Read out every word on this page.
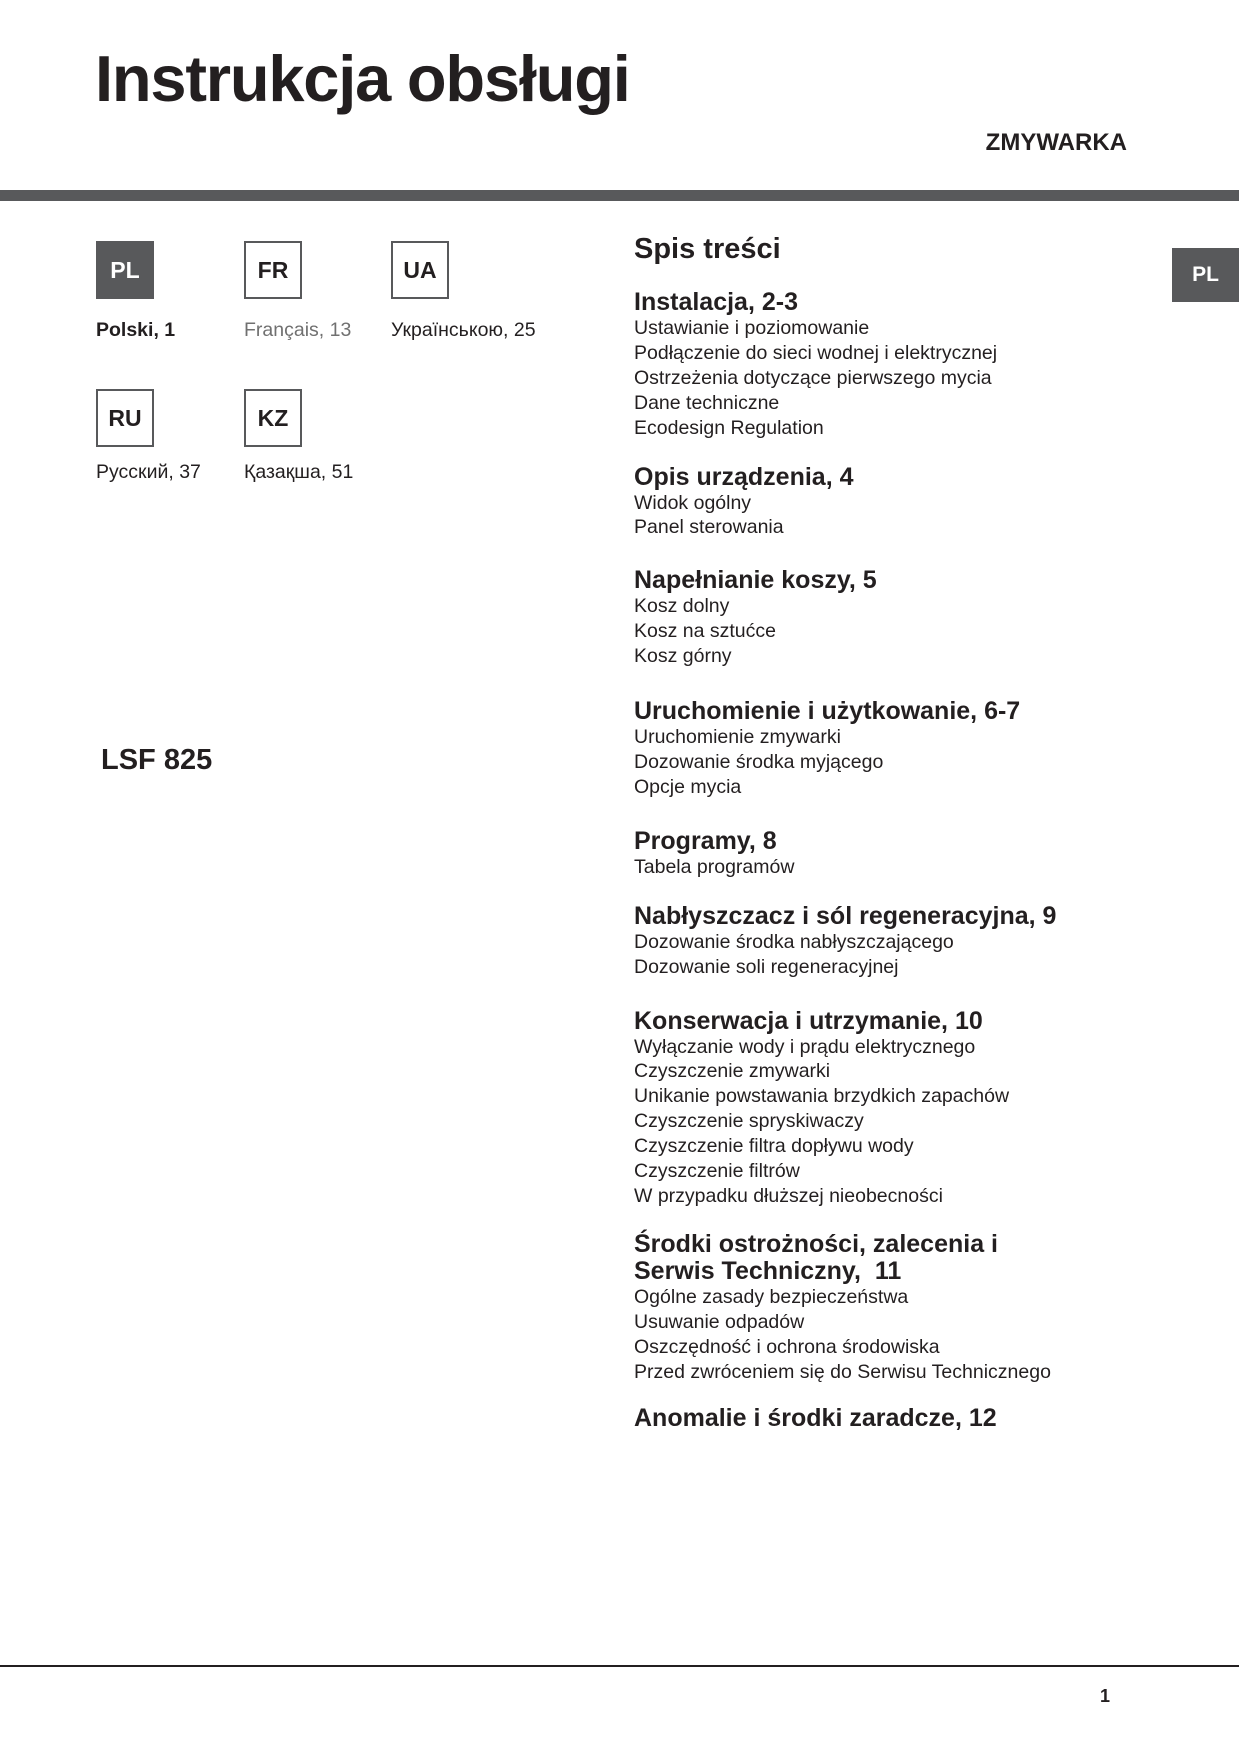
Instrukcja obsługi
ZMYWARKA
PL	FR	UA
Polski, 1	Français, 13 Українською, 25
RU	KZ
Русский, 37 Қазақша, 51
LSF 825
PL
Spis treści
Instalacja, 2-3
Ustawianie i poziomowanie
Podłączenie do sieci wodnej i elektrycznej
Ostrzeżenia dotyczące pierwszego mycia
Dane techniczne
Ecodesign Regulation
Opis urządzenia, 4
Widok ogólny
Panel sterowania
Napełnianie koszy, 5
Kosz dolny
Kosz na sztućce
Kosz górny
Uruchomienie i użytkowanie, 6-7
Uruchomienie zmywarki
Dozowanie środka myjącego
Opcje mycia
Programy, 8
Tabela programów
Nabłyszczacz i sól regeneracyjna, 9
Dozowanie środka nabłyszczającego
Dozowanie soli regeneracyjnej
Konserwacja i utrzymanie, 10
Wyłączanie wody i prądu elektrycznego
Czyszczenie zmywarki
Unikanie powstawania brzydkich zapachów
Czyszczenie spryskiwaczy
Czyszczenie filtra dopływu wody
Czyszczenie filtrów
W przypadku dłuższej nieobecności
Środki ostrożności, zalecenia i
Serwis Techniczny,  11
Ogólne zasady bezpieczeństwa
Usuwanie odpadów
Oszczędność i ochrona środowiska
Przed zwróceniem się do Serwisu Technicznego
Anomalie i środki zaradcze, 12
1
